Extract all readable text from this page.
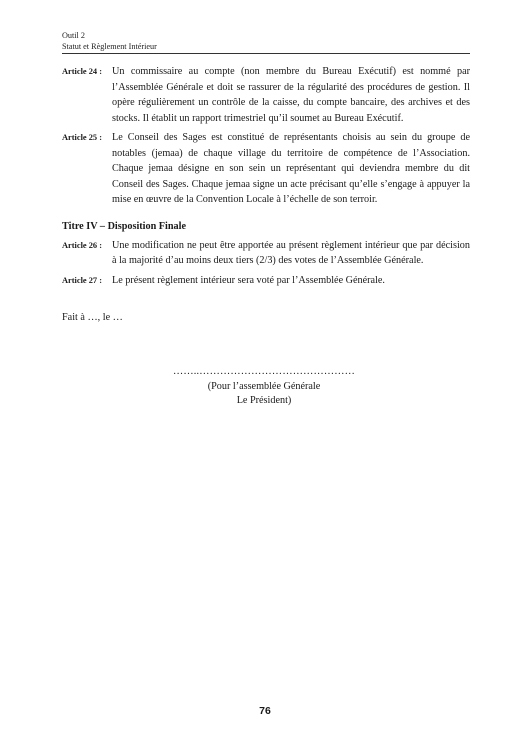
Outil 2
Statut et Règlement Intérieur
Article 24 : Un commissaire au compte (non membre du Bureau Exécutif) est nommé par l’Assemblée Générale et doit se rassurer de la régularité des procédures de gestion. Il opère régulièrement un contrôle de la caisse, du compte bancaire, des archives et des stocks. Il établit un rapport trimestriel qu’il soumet au Bureau Exécutif.
Article 25 : Le Conseil des Sages est constitué de représentants choisis au sein du groupe de notables (jemaa) de chaque village du territoire de compétence de l’Association. Chaque jemaa désigne en son sein un représentant qui deviendra membre du dit Conseil des Sages. Chaque jemaa signe un acte précisant qu’elle s’engage à appuyer la mise en œuvre de la Convention Locale à l’échelle de son terroir.
Titre IV – Disposition Finale
Article 26 : Une modification ne peut être apportée au présent règlement intérieur que par décision à la majorité d’au moins deux tiers (2/3) des votes de l’Assemblée Générale.
Article 27 : Le présent règlement intérieur sera voté par l’Assemblée Générale.
Fait à …, le …
……..………………………………………
(Pour l’assemblée Générale
Le Président)
76
